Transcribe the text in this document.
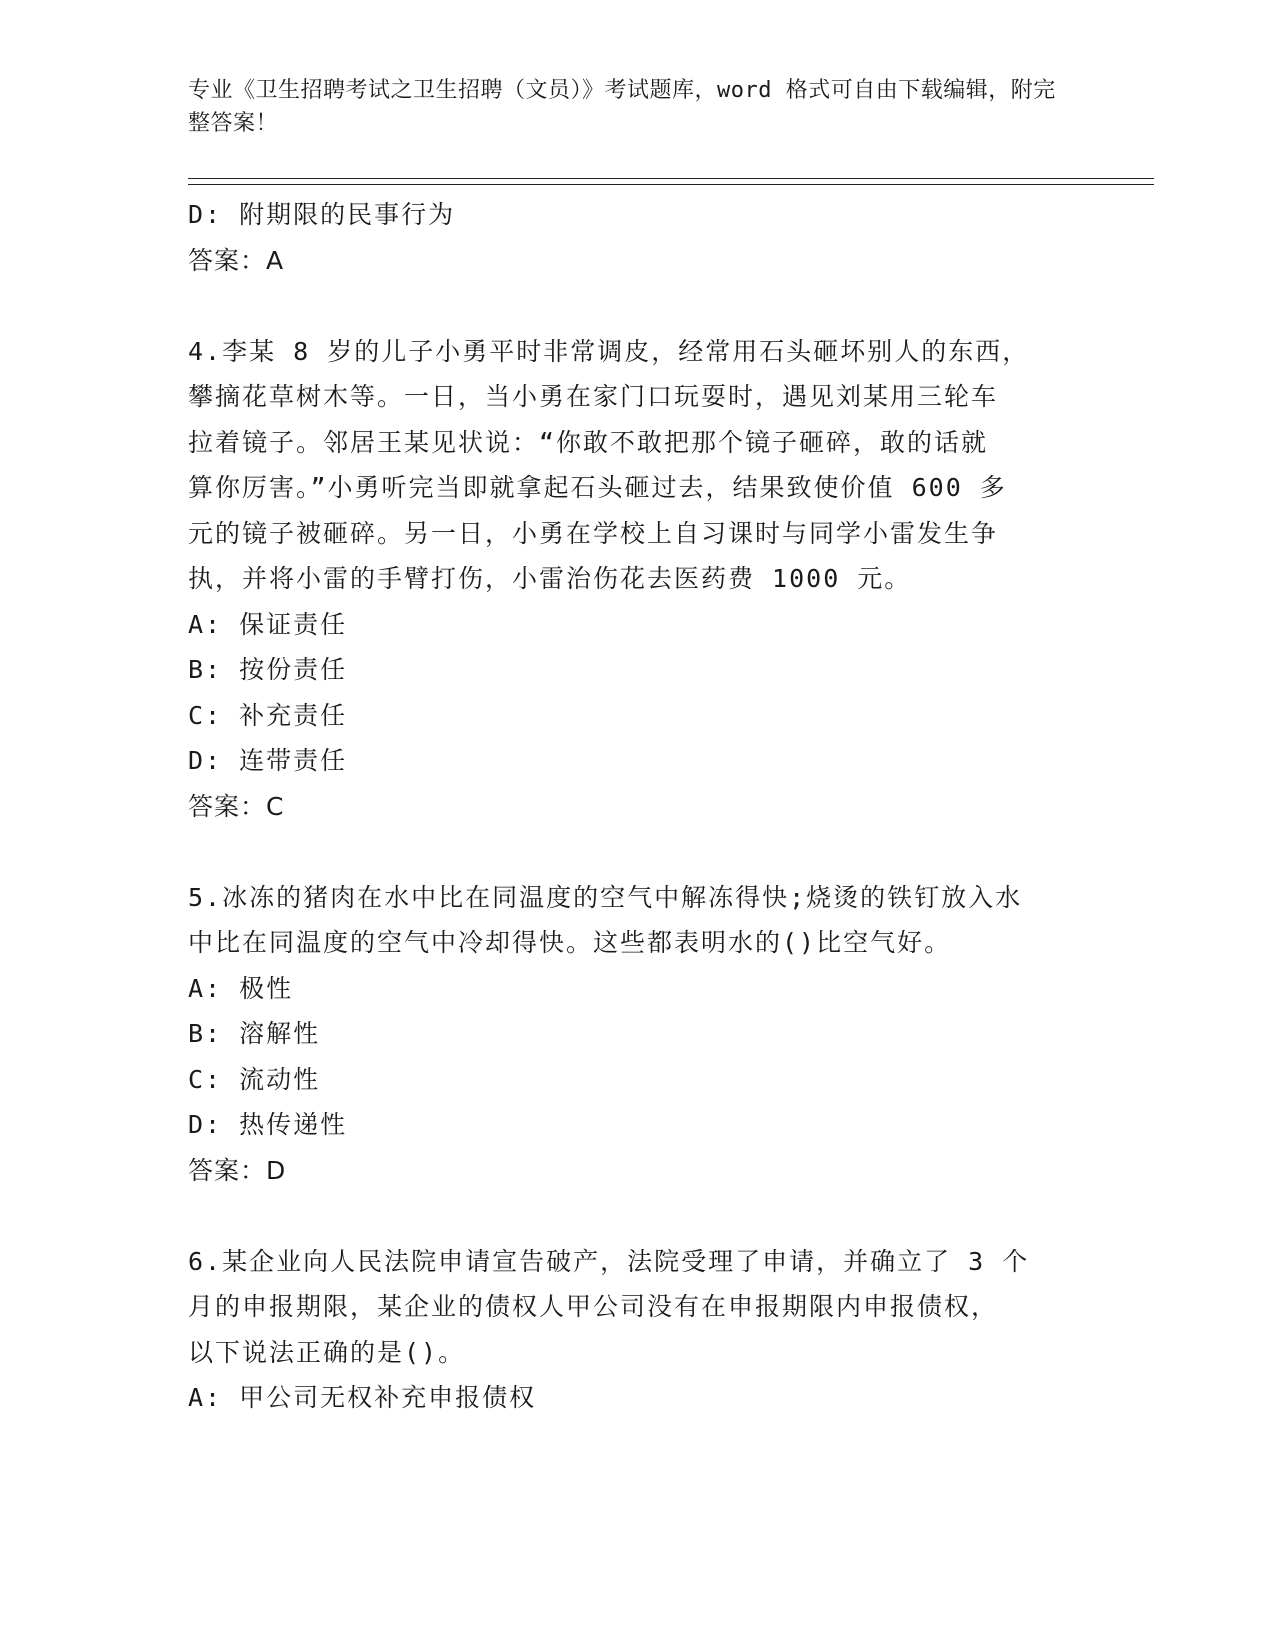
专业《卫生招聘考试之卫生招聘（文员）》考试题库，word 格式可自由下载编辑，附完整答案！
D: 附期限的民事行为
答案：A
4.李某 8 岁的儿子小勇平时非常调皮，经常用石头砸坏别人的东西，
攀摘花草树木等。一日，当小勇在家门口玩耍时，遇见刘某用三轮车
拉着镜子。邻居王某见状说：“你敢不敢把那个镜子砸碎，敢的话就
算你厉害。”小勇听完当即就拿起石头砸过去，结果致使价值 600 多
元的镜子被砸碎。另一日，小勇在学校上自习课时与同学小雷发生争
执，并将小雷的手臂打伤，小雷治伤花去医药费 1000 元。
A: 保证责任
B: 按份责任
C: 补充责任
D: 连带责任
答案：C
5.冰冻的猪肉在水中比在同温度的空气中解冻得快;烧烫的铁钉放入水
中比在同温度的空气中冷却得快。这些都表明水的()比空气好。
A: 极性
B: 溶解性
C: 流动性
D: 热传递性
答案：D
6.某企业向人民法院申请宣告破产，法院受理了申请，并确立了 3 个
月的申报期限，某企业的债权人甲公司没有在申报期限内申报债权，
以下说法正确的是()。
A: 甲公司无权补充申报债权
